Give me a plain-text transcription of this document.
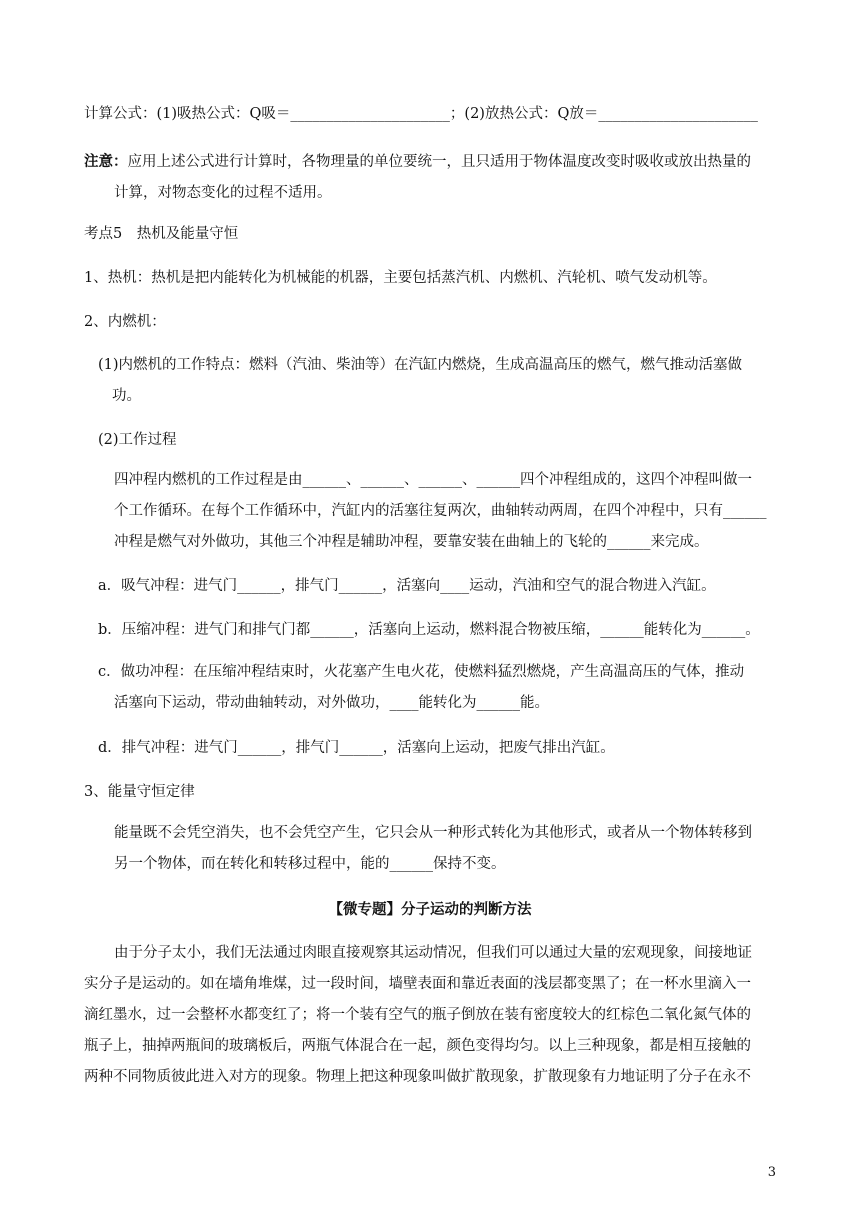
计算公式：(1)吸热公式：Q吸＝______________________；(2)放热公式：Q放＝______________________
注意：应用上述公式进行计算时，各物理量的单位要统一，且只适用于物体温度改变时吸收或放出热量的
计算，对物态变化的过程不适用。
考点5　热机及能量守恒
1、热机：热机是把内能转化为机械能的机器，主要包括蒸汽机、内燃机、汽轮机、喷气发动机等。
2、内燃机：
(1)内燃机的工作特点：燃料（汽油、柴油等）在汽缸内燃烧，生成高温高压的燃气，燃气推动活塞做
功。
(2)工作过程
四冲程内燃机的工作过程是由______、______、______、______四个冲程组成的，这四个冲程叫做一
个工作循环。在每个工作循环中，汽缸内的活塞往复两次，曲轴转动两周，在四个冲程中，只有______
冲程是燃气对外做功，其他三个冲程是辅助冲程，要靠安装在曲轴上的飞轮的______来完成。
a．吸气冲程：进气门______，排气门______，活塞向____运动，汽油和空气的混合物进入汽缸。
b．压缩冲程：进气门和排气门都______，活塞向上运动，燃料混合物被压缩，______能转化为______。
c．做功冲程：在压缩冲程结束时，火花塞产生电火花，使燃料猛烈燃烧，产生高温高压的气体，推动
活塞向下运动，带动曲轴转动，对外做功，____能转化为______能。
d．排气冲程：进气门______，排气门______，活塞向上运动，把废气排出汽缸。
3、能量守恒定律
能量既不会凭空消失，也不会凭空产生，它只会从一种形式转化为其他形式，或者从一个物体转移到
另一个物体，而在转化和转移过程中，能的______保持不变。
【微专题】分子运动的判断方法
由于分子太小，我们无法通过肉眼直接观察其运动情况，但我们可以通过大量的宏观现象，间接地证
实分子是运动的。如在墙角堆煤，过一段时间，墙壁表面和靠近表面的浅层都变黑了；在一杯水里滴入一
滴红墨水，过一会整杯水都变红了；将一个装有空气的瓶子倒放在装有密度较大的红棕色二氧化氮气体的
瓶子上，抽掉两瓶间的玻璃板后，两瓶气体混合在一起，颜色变得均匀。以上三种现象，都是相互接触的
两种不同物质彼此进入对方的现象。物理上把这种现象叫做扩散现象，扩散现象有力地证明了分子在永不
3
